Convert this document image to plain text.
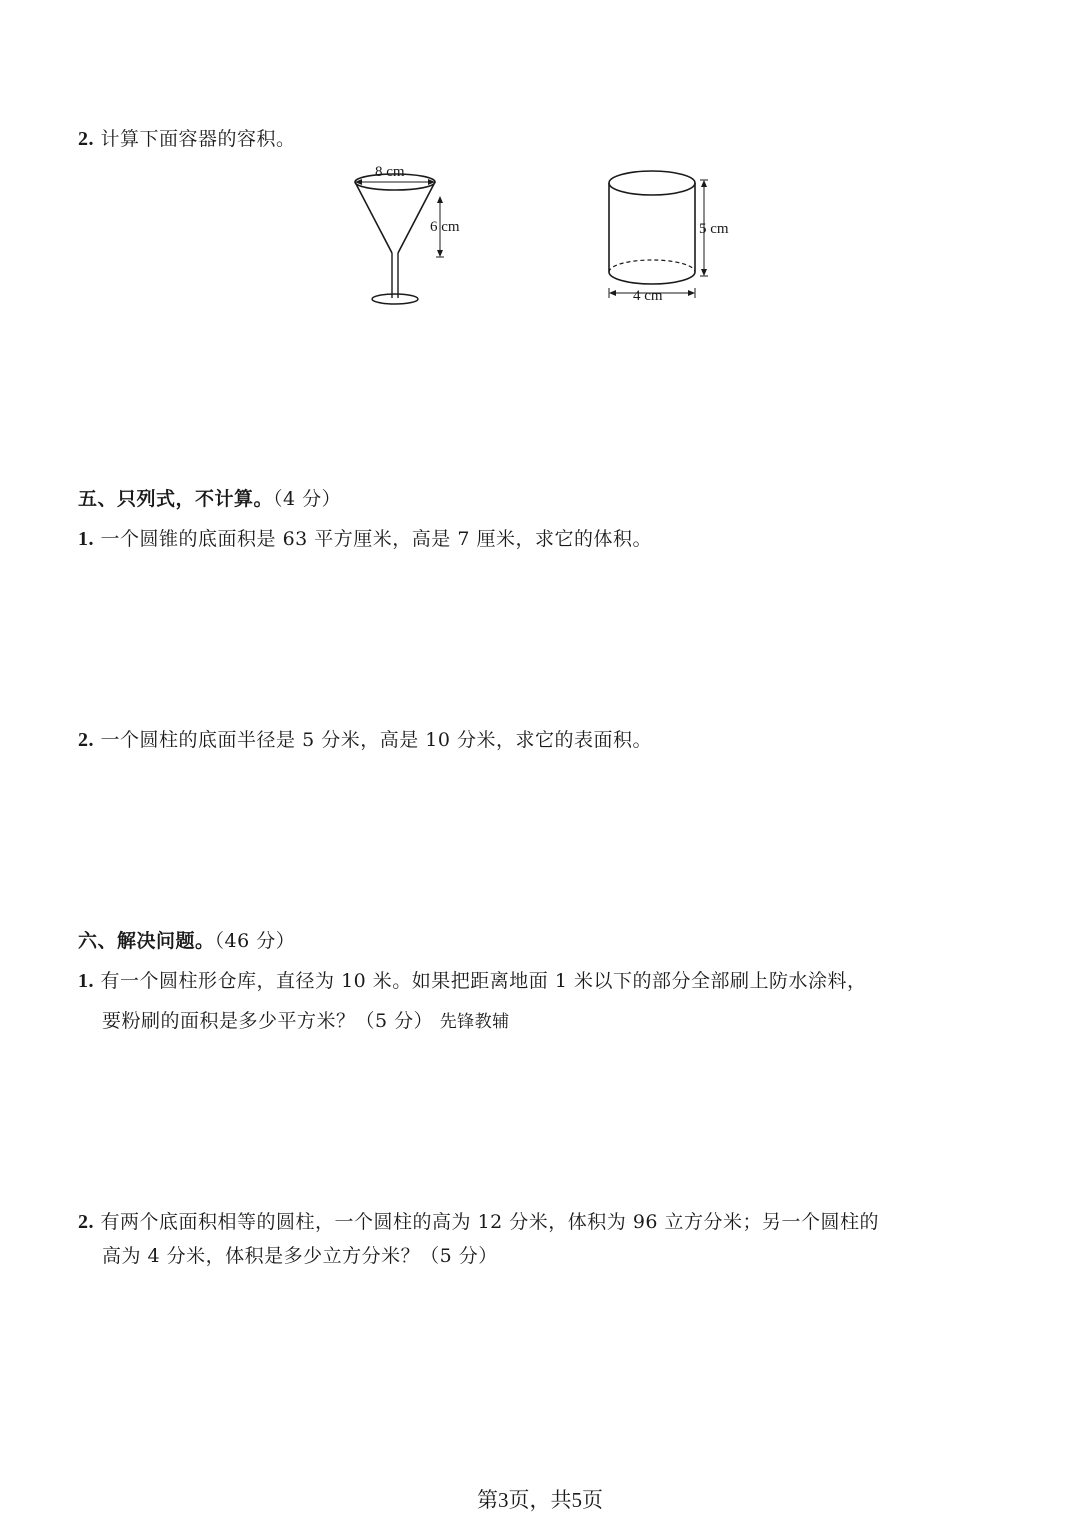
2. 计算下面容器的容积。
8 cm
6 cm	5 cm
4 cm
五、只列式，不计算。（4 分）
1. 一个圆锥的底面积是 63 平方厘米，高是 7 厘米，求它的体积。
2. 一个圆柱的底面半径是 5 分米，高是 10 分米，求它的表面积。
六、解决问题。（46 分）
1. 有一个圆柱形仓库，直径为 10 米。如果把距离地面 1 米以下的部分全部刷上防水涂料，
要粉刷的面积是多少平方米？（5 分） 先锋教辅
2. 有两个底面积相等的圆柱，一个圆柱的高为 12 分米，体积为 96 立方分米；另一个圆柱的
高为 4 分米，体积是多少立方分米？（5 分）
第3页，共5页
